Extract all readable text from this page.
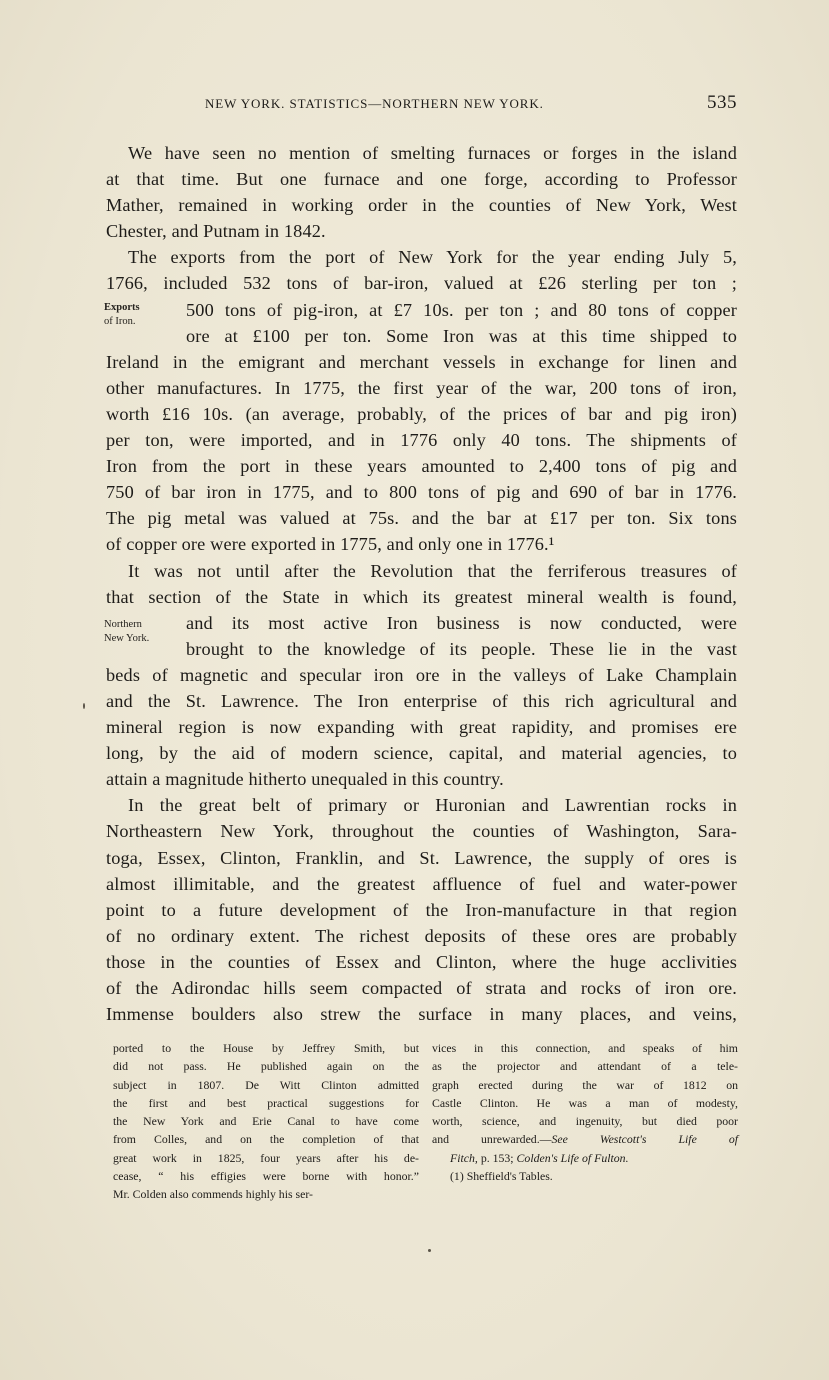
NEW YORK. STATISTICS—NORTHERN NEW YORK.	535
Exports
of Iron.
Northern
New York.

We have seen no mention of smelting furnaces or forges in the island
at that time. But one furnace and one forge, according to Professor
Mather, remained in working order in the counties of New York, West
Chester, and Putnam in 1842.

The exports from the port of New York for the year ending July 5,
1766, included 532 tons of bar-iron, valued at £26 sterling per ton ;
500 tons of pig-iron, at £7 10s. per ton ; and 80 tons of copper
ore at £100 per ton. Some Iron was at this time shipped to
Ireland in the emigrant and merchant vessels in exchange for linen and
other manufactures. In 1775, the first year of the war, 200 tons of iron,
worth £16 10s. (an average, probably, of the prices of bar and pig iron)
per ton, were imported, and in 1776 only 40 tons. The shipments of
Iron from the port in these years amounted to 2,400 tons of pig and
750 of bar iron in 1775, and to 800 tons of pig and 690 of bar in 1776.
The pig metal was valued at 75s. and the bar at £17 per ton. Six tons
of copper ore were exported in 1775, and only one in 1776.¹

It was not until after the Revolution that the ferriferous treasures of
that section of the State in which its greatest mineral wealth is found,
and its most active Iron business is now conducted, were
brought to the knowledge of its people. These lie in the vast
beds of magnetic and specular iron ore in the valleys of Lake Champlain
and the St. Lawrence. The Iron enterprise of this rich agricultural and
mineral region is now expanding with great rapidity, and promises ere
long, by the aid of modern science, capital, and material agencies, to
attain a magnitude hitherto unequaled in this country.

In the great belt of primary or Huronian and Lawrentian rocks in
Northeastern New York, throughout the counties of Washington, Sara-
toga, Essex, Clinton, Franklin, and St. Lawrence, the supply of ores is
almost illimitable, and the greatest affluence of fuel and water-power
point to a future development of the Iron-manufacture in that region
of no ordinary extent. The richest deposits of these ores are probably
those in the counties of Essex and Clinton, where the huge acclivities
of the Adirondac hills seem compacted of strata and rocks of iron ore.
Immense boulders also strew the surface in many places, and veins,

ported to the House by Jeffrey Smith, but
did not pass. He published again on the
subject in 1807. De Witt Clinton admitted
the first and best practical suggestions for
the New York and Erie Canal to have come
from Colles, and on the completion of that
great work in 1825, four years after his de-
cease, “ his effigies were borne with honor.”
Mr. Colden also commends highly his ser-
vices in this connection, and speaks of him
as the projector and attendant of a tele-
graph erected during the war of 1812 on
Castle Clinton. He was a man of modesty,
worth, science, and ingenuity, but died poor
and unrewarded.—See	Westcott's Life of
Fitch, p. 153; Colden's Life of Fulton.
(1) Sheffield's Tables.
